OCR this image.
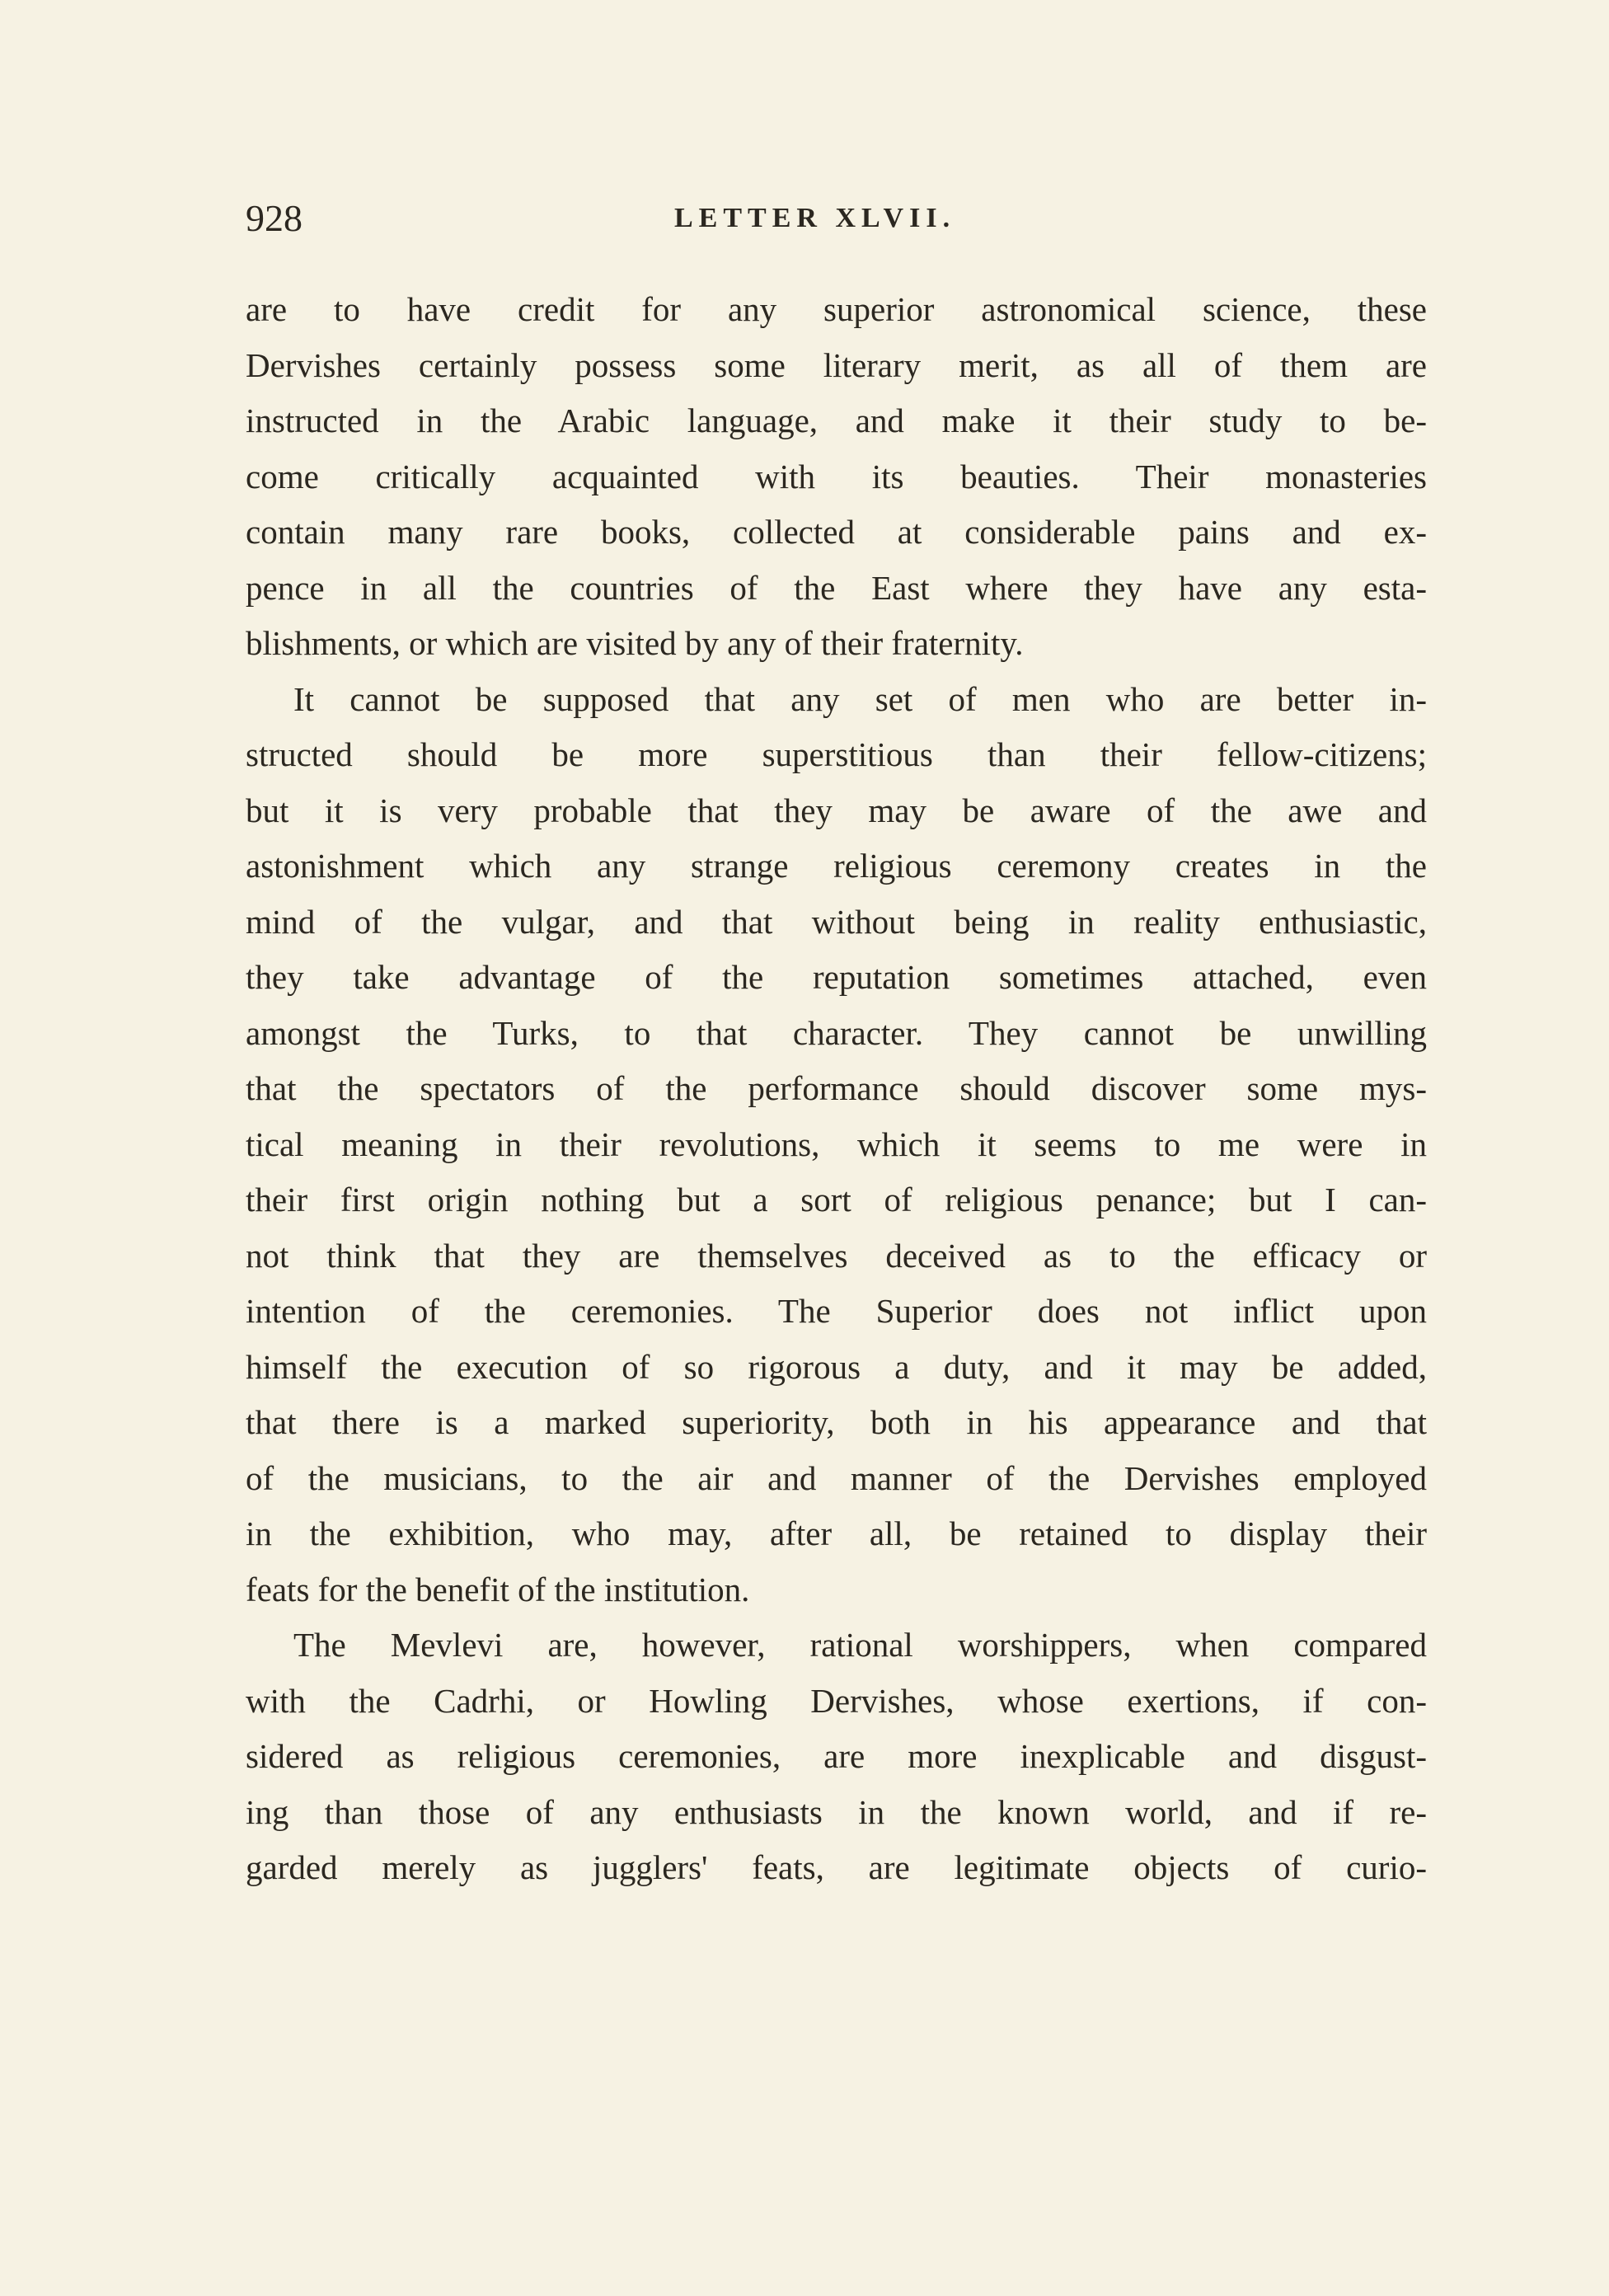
928	LETTER XLVII.
are to have credit for any superior astronomical science, these
Dervishes certainly possess some literary merit, as all of them are
instructed in the Arabic language, and make it their study to be-
come critically acquainted with its beauties. Their monasteries
contain many rare books, collected at considerable pains and ex-
pence in all the countries of the East where they have any esta-
blishments, or which are visited by any of their fraternity.
It cannot be supposed that any set of men who are better in-
structed should be more superstitious than their fellow-citizens;
but it is very probable that they may be aware of the awe and
astonishment which any strange religious ceremony creates in the
mind of the vulgar, and that without being in reality enthusiastic,
they take advantage of the reputation sometimes attached, even
amongst the Turks, to that character. They cannot be unwilling
that the spectators of the performance should discover some mys-
tical meaning in their revolutions, which it seems to me were in
their first origin nothing but a sort of religious penance; but I can-
not think that they are themselves deceived as to the efficacy or
intention of the ceremonies. The Superior does not inflict upon
himself the execution of so rigorous a duty, and it may be added,
that there is a marked superiority, both in his appearance and that
of the musicians, to the air and manner of the Dervishes employed
in the exhibition, who may, after all, be retained to display their
feats for the benefit of the institution.
The Mevlevi are, however, rational worshippers, when compared
with the Cadrhi, or Howling Dervishes, whose exertions, if con-
sidered as religious ceremonies, are more inexplicable and disgust-
ing than those of any enthusiasts in the known world, and if re-
garded merely as jugglers' feats, are legitimate objects of curio-
